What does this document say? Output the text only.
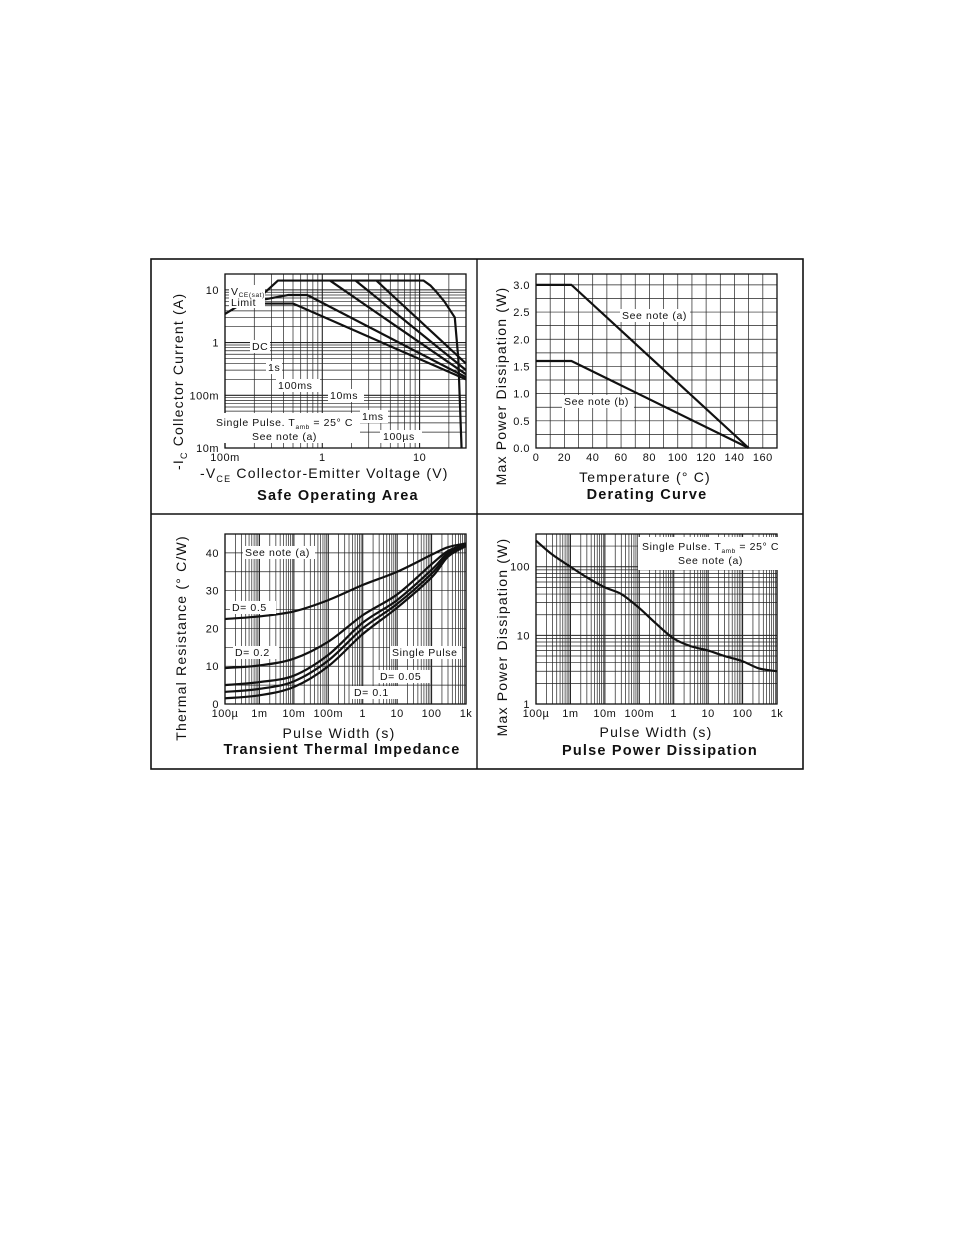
100m	1	10
10m
100m
1
10
DC
1s
100ms
10ms
1ms
100µs
VCE(sat)
Limit
Single Pulse. $T_{amb} = 25^\circ$ C
See note (a)
$-V_{CE}$ Collector-Emitter Voltage (V)
$-I_C$ Collector Current (A)
Safe Operating Area
0 20 40 60 80 100 120 140 160
0.0
0.5
1.0
1.5
2.0
2.5
3.0
See note (a)
See note (b)
Temperature (° C)
Max Power Dissipation (W)
Derating Curve
100µ 1m 10m 100m 1 10 100 1k
0
10
20
30
40 See note (a)
D= 0.5
D= 0.2	Single Pulse
D= 0.05
D= 0.1
Pulse Width (s)
Thermal Resistance (° C/W)
Transient Thermal Impedance
100µ 1m 10m 100m 1 10 100 1k
1
10
100
Single Pulse. $T_{amb} = 25^\circ$ C
See note (a)
Pulse Width (s)
Max Power Dissipation (W)
Pulse Power Dissipation
